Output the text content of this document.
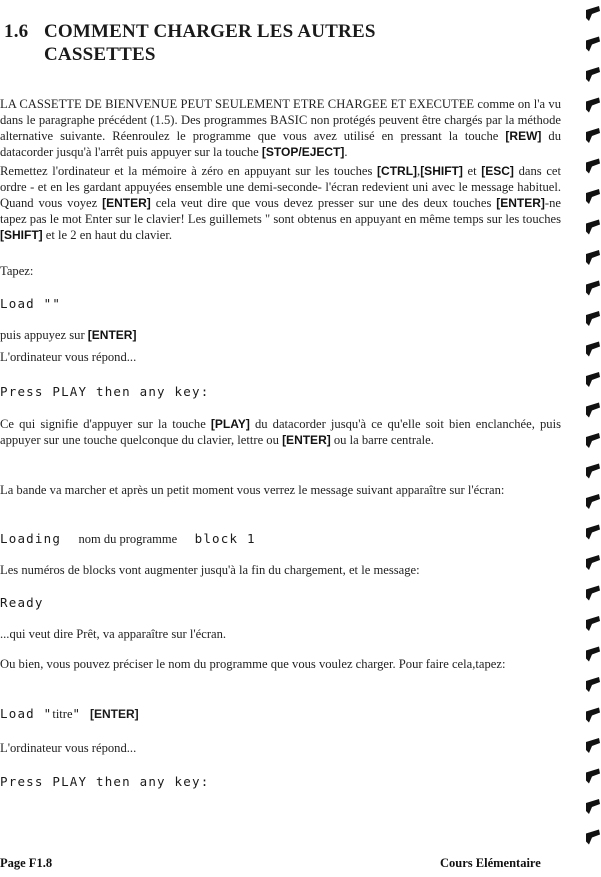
1.6 COMMENT CHARGER LES AUTRES
CASSETTES

LA CASSETTE DE BIENVENUE PEUT SEULEMENT ETRE CHARGEE ET EXECUTEE comme on l'a vu dans le paragraphe précédent (1.5). Des programmes BASIC non protégés peuvent être chargés par la méthode alternative suivante. Réenroulez le programme que vous avez utilisé en pressant la touche [REW] du datacorder jusqu'à l'arrêt puis appuyer sur la touche [STOP/EJECT].

Remettez l'ordinateur et la mémoire à zéro en appuyant sur les touches [CTRL],[SHIFT] et [ESC] dans cet ordre - et en les gardant appuyées ensemble une demi-seconde- l'écran redevient uni avec le message habituel. Quand vous voyez [ENTER] cela veut dire que vous devez presser sur une des deux touches [ENTER]-ne tapez pas le mot Enter sur le clavier! Les guillemets " sont obtenus en appuyant en même temps sur les touches [SHIFT] et le 2 en haut du clavier.

Tapez:

Load ""

puis appuyez sur [ENTER]

L'ordinateur vous répond...

Press PLAY then any key:

Ce qui signifie d'appuyer sur la touche [PLAY] du datacorder jusqu'à ce qu'elle soit bien enclanchée, puis appuyer sur une touche quelconque du clavier, lettre ou [ENTER] ou la barre centrale.

La bande va marcher et après un petit moment vous verrez le message suivant apparaître sur l'écran:

Loading nom du programme block 1

Les numéros de blocks vont augmenter jusqu'à la fin du chargement, et le message:

Ready

...qui veut dire Prêt, va apparaître sur l'écran.

Ou bien, vous pouvez préciser le nom du programme que vous voulez charger. Pour faire cela,tapez:

Load "titre" [ENTER]

L'ordinateur vous répond...

Press PLAY then any key:
Page F1.8	Cours Elémentaire
